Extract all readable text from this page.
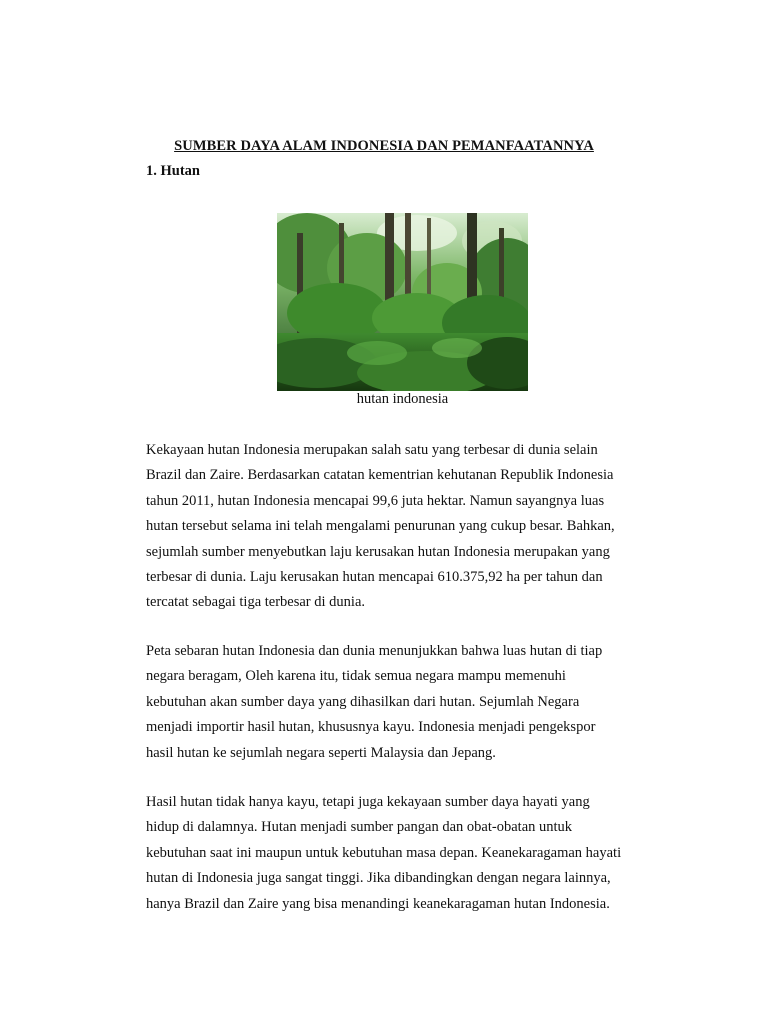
SUMBER DAYA ALAM INDONESIA DAN PEMANFAATANNYA
1. Hutan
hutan indonesia

Kekayaan hutan Indonesia merupakan salah satu yang terbesar di dunia selain
Brazil dan Zaire. Berdasarkan catatan kementrian kehutanan Republik Indonesia
tahun 2011, hutan Indonesia mencapai 99,6 juta hektar. Namun sayangnya luas
hutan tersebut selama ini telah mengalami penurunan yang cukup besar. Bahkan,
sejumlah sumber menyebutkan laju kerusakan hutan Indonesia merupakan yang
terbesar di dunia. Laju kerusakan hutan mencapai 610.375,92 ha per tahun dan
tercatat sebagai tiga terbesar di dunia.

Peta sebaran hutan Indonesia dan dunia menunjukkan bahwa luas hutan di tiap
negara beragam, Oleh karena itu, tidak semua negara mampu memenuhi
kebutuhan akan sumber daya yang dihasilkan dari hutan. Sejumlah Negara
menjadi importir hasil hutan, khususnya kayu. Indonesia menjadi pengekspor
hasil hutan ke sejumlah negara seperti Malaysia dan Jepang.

Hasil hutan tidak hanya kayu, tetapi juga kekayaan sumber daya hayati yang
hidup di dalamnya. Hutan menjadi sumber pangan dan obat-obatan untuk
kebutuhan saat ini maupun untuk kebutuhan masa depan. Keanekaragaman hayati
hutan di Indonesia juga sangat tinggi. Jika dibandingkan dengan negara lainnya,
hanya Brazil dan Zaire yang bisa menandingi keanekaragaman hutan Indonesia.
